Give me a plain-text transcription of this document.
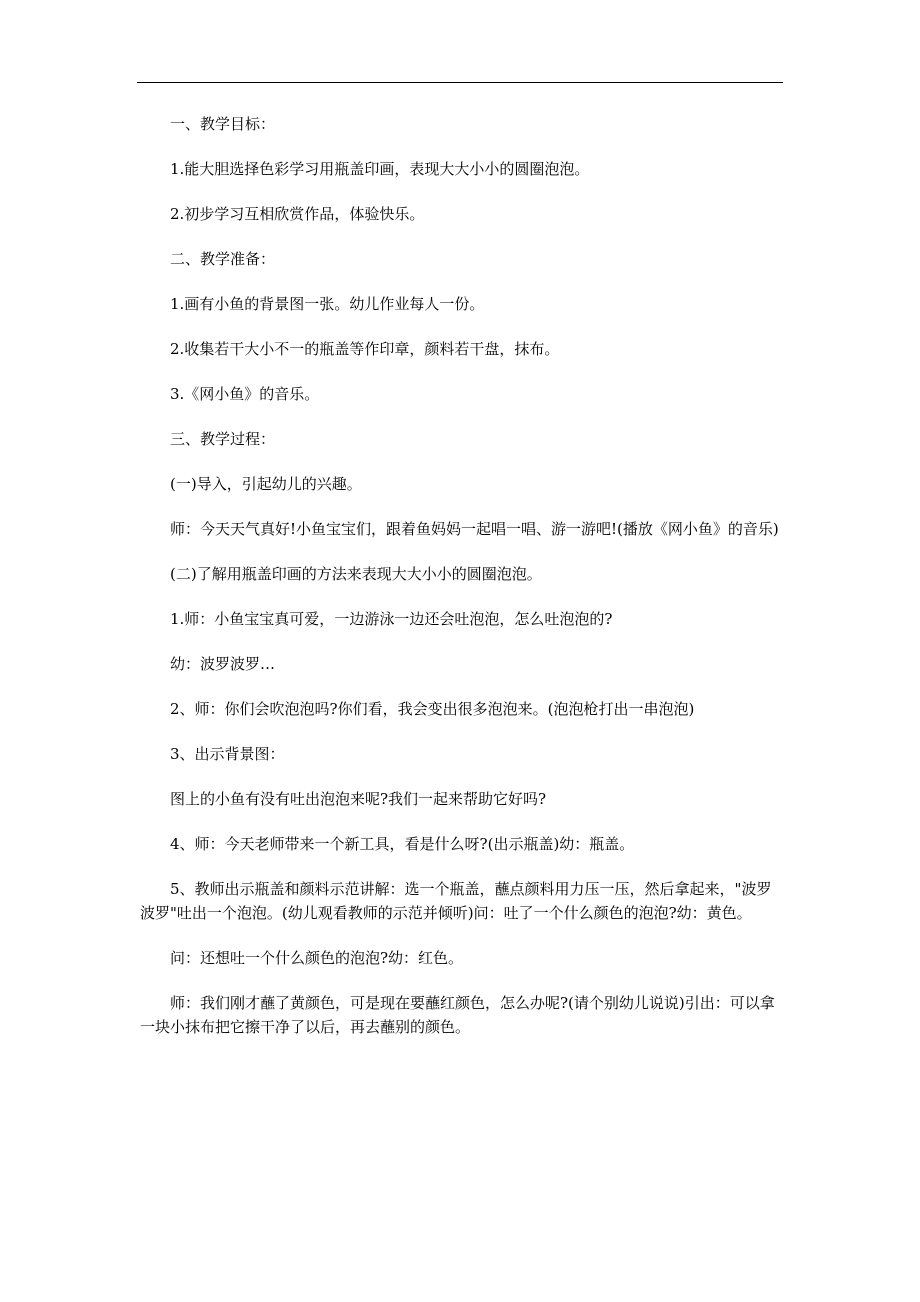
一、教学目标：

1.能大胆选择色彩学习用瓶盖印画，表现大大小小的圆圈泡泡。

2.初步学习互相欣赏作品，体验快乐。

二、教学准备：

1.画有小鱼的背景图一张。幼儿作业每人一份。

2.收集若干大小不一的瓶盖等作印章，颜料若干盘，抹布。

3.《网小鱼》的音乐。

三、教学过程：

(一)导入，引起幼儿的兴趣。

师：今天天气真好!小鱼宝宝们，跟着鱼妈妈一起唱一唱、游一游吧!(播放《网小鱼》的音乐)

(二)了解用瓶盖印画的方法来表现大大小小的圆圈泡泡。

1.师：小鱼宝宝真可爱，一边游泳一边还会吐泡泡，怎么吐泡泡的?

幼：波罗波罗…

2、师：你们会吹泡泡吗?你们看，我会变出很多泡泡来。(泡泡枪打出一串泡泡)

3、出示背景图：

图上的小鱼有没有吐出泡泡来呢?我们一起来帮助它好吗?

4、师：今天老师带来一个新工具，看是什么呀?(出示瓶盖)幼：瓶盖。

5、教师出示瓶盖和颜料示范讲解：选一个瓶盖，蘸点颜料用力压一压，然后拿起来，"波罗波罗"吐出一个泡泡。(幼儿观看教师的示范并倾听)问：吐了一个什么颜色的泡泡?幼：黄色。

问：还想吐一个什么颜色的泡泡?幼：红色。

师：我们刚才蘸了黄颜色，可是现在要蘸红颜色，怎么办呢?(请个别幼儿说说)引出：可以拿一块小抹布把它擦干净了以后，再去蘸别的颜色。
